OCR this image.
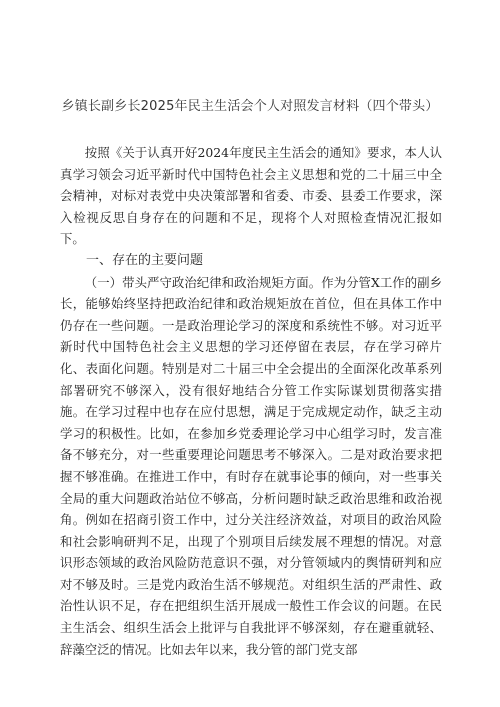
乡镇长副乡长2025年民主生活会个人对照发言材料（四个带头）

按照《关于认真开好2024年度民主生活会的通知》要求，本人认真学习领会习近平新时代中国特色社会主义思想和党的二十届三中全会精神，对标对表党中央决策部署和省委、市委、县委工作要求，深入检视反思自身存在的问题和不足，现将个人对照检查情况汇报如下。

一、存在的主要问题

（一）带头严守政治纪律和政治规矩方面。作为分管X工作的副乡长，能够始终坚持把政治纪律和政治规矩放在首位，但在具体工作中仍存在一些问题。一是政治理论学习的深度和系统性不够。对习近平新时代中国特色社会主义思想的学习还停留在表层，存在学习碎片化、表面化问题。特别是对二十届三中全会提出的全面深化改革系列部署研究不够深入，没有很好地结合分管工作实际谋划贯彻落实措施。在学习过程中也存在应付思想，满足于完成规定动作，缺乏主动学习的积极性。比如，在参加乡党委理论学习中心组学习时，发言准备不够充分，对一些重要理论问题思考不够深入。二是对政治要求把握不够准确。在推进工作中，有时存在就事论事的倾向，对一些事关全局的重大问题政治站位不够高，分析问题时缺乏政治思维和政治视角。例如在招商引资工作中，过分关注经济效益，对项目的政治风险和社会影响研判不足，出现了个别项目后续发展不理想的情况。对意识形态领域的政治风险防范意识不强，对分管领域内的舆情研判和应对不够及时。三是党内政治生活不够规范。对组织生活的严肃性、政治性认识不足，存在把组织生活开展成一般性工作会议的问题。在民主生活会、组织生活会上批评与自我批评不够深刻，存在避重就轻、辞藻空泛的情况。比如去年以来，我分管的部门党支部
